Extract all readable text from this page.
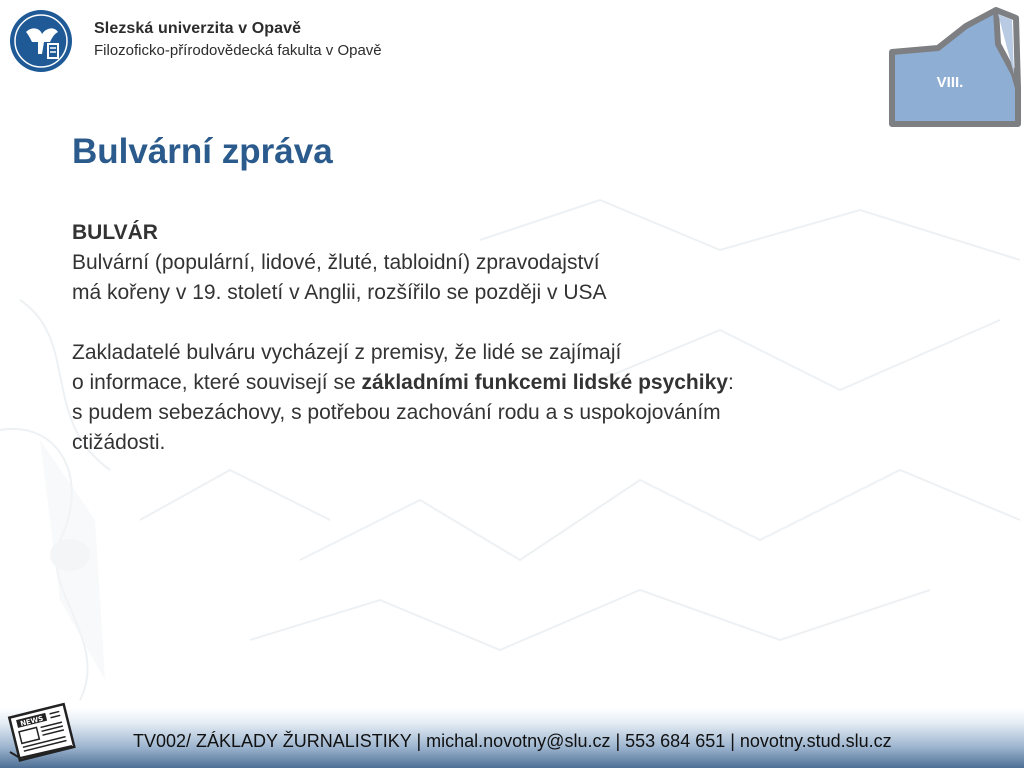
Slezská univerzita v Opavě
Filozoficko-přírodovědecká fakulta v Opavě
VIII.
Bulvární zpráva

BULVÁR

Bulvární (populární, lidové, žluté, tabloidní) zpravodajství

má kořeny v 19. století v Anglii, rozšířilo se později v USA

Zakladatelé bulváru vycházejí z premisy, že lidé se zajímají

o informace, které souvisejí se základními funkcemi lidské psychiky:

s pudem sebezáchovy, s potřebou zachování rodu a s uspokojováním

ctižádosti.

NEWS
TV002/ ZÁKLADY ŽURNALISTIKY | michal.novotny@slu.cz | 553 684 651 | novotny.stud.slu.cz
